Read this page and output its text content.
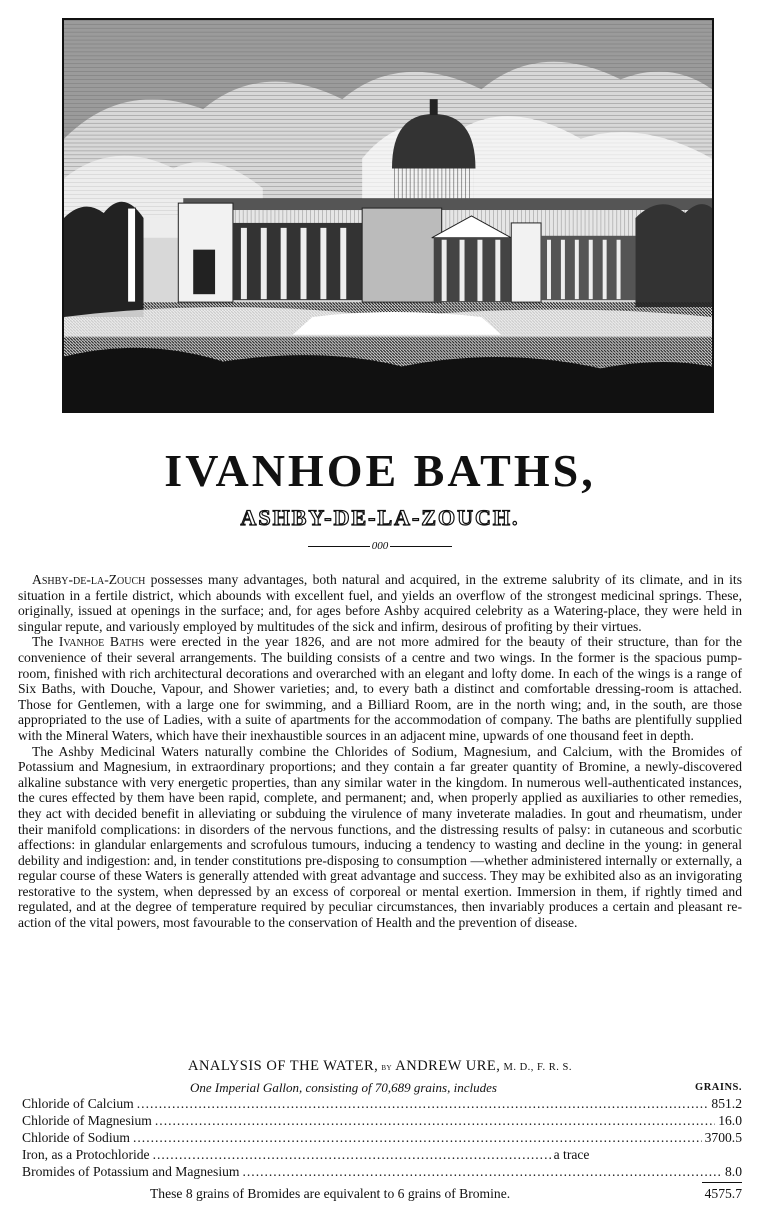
IVANHOE BATHS,
ASHBY-DE-LA-ZOUCH.
000

Ashby-de-la-Zouch possesses many advantages, both natural and acquired, in the extreme salubrity of its climate, and in its situation in a fertile district, which abounds with excellent fuel, and yields an overflow of the strongest medicinal springs. These, originally, issued at openings in the surface; and, for ages before Ashby acquired celebrity as a Watering-place, they were held in singular repute, and variously employed by multitudes of the sick and infirm, desirous of profiting by their virtues.

The Ivanhoe Baths were erected in the year 1826, and are not more admired for the beauty of their structure, than for the convenience of their several arrangements. The building consists of a centre and two wings. In the former is the spacious pump-room, finished with rich architectural decorations and overarched with an elegant and lofty dome. In each of the wings is a range of Six Baths, with Douche, Vapour, and Shower varieties; and, to every bath a distinct and comfortable dressing-room is attached. Those for Gentlemen, with a large one for swimming, and a Billiard Room, are in the north wing; and, in the south, are those appropriated to the use of Ladies, with a suite of apartments for the accommodation of company. The baths are plentifully supplied with the Mineral Waters, which have their inexhaustible sources in an adjacent mine, upwards of one thousand feet in depth.

The Ashby Medicinal Waters naturally combine the Chlorides of Sodium, Magnesium, and Calcium, with the Bromides of Potassium and Magnesium, in extraordinary proportions; and they contain a far greater quantity of Bromine, a newly-discovered alkaline substance with very energetic properties, than any similar water in the kingdom. In numerous well-authenticated instances, the cures effected by them have been rapid, complete, and permanent; and, when properly applied as auxiliaries to other remedies, they act with decided benefit in alleviating or subduing the virulence of many inveterate maladies. In gout and rheumatism, under their manifold complications: in disorders of the nervous functions, and the distressing results of palsy: in cutaneous and scorbutic affections: in glandular enlargements and scrofulous tumours, inducing a tendency to wasting and decline in the young: in general debility and indigestion: and, in tender constitutions pre-disposing to consumption —whether administered internally or externally, a regular course of these Waters is generally attended with great advantage and success. They may be exhibited also as an invigorating restorative to the system, when depressed by an excess of corporeal or mental exertion. Immersion in them, if rightly timed and regulated, and at the degree of temperature required by peculiar circumstances, then invariably produces a certain and pleasant re-action of the vital powers, most favourable to the conservation of Health and the prevention of disease.

ANALYSIS OF THE WATER, by ANDREW URE, M. D., F. R. S.
One Imperial Gallon, consisting of 70,689 grains, includes	GRAINS.
Chloride of Calcium .....	851.2
Chloride of Magnesium .....	16.0
Chloride of Sodium .....	3700.5
Iron, as a Protochloride .....	a trace
Bromides of Potassium and Magnesium .....	8.0
These 8 grains of Bromides are equivalent to 6 grains of Bromine.	4575.7
